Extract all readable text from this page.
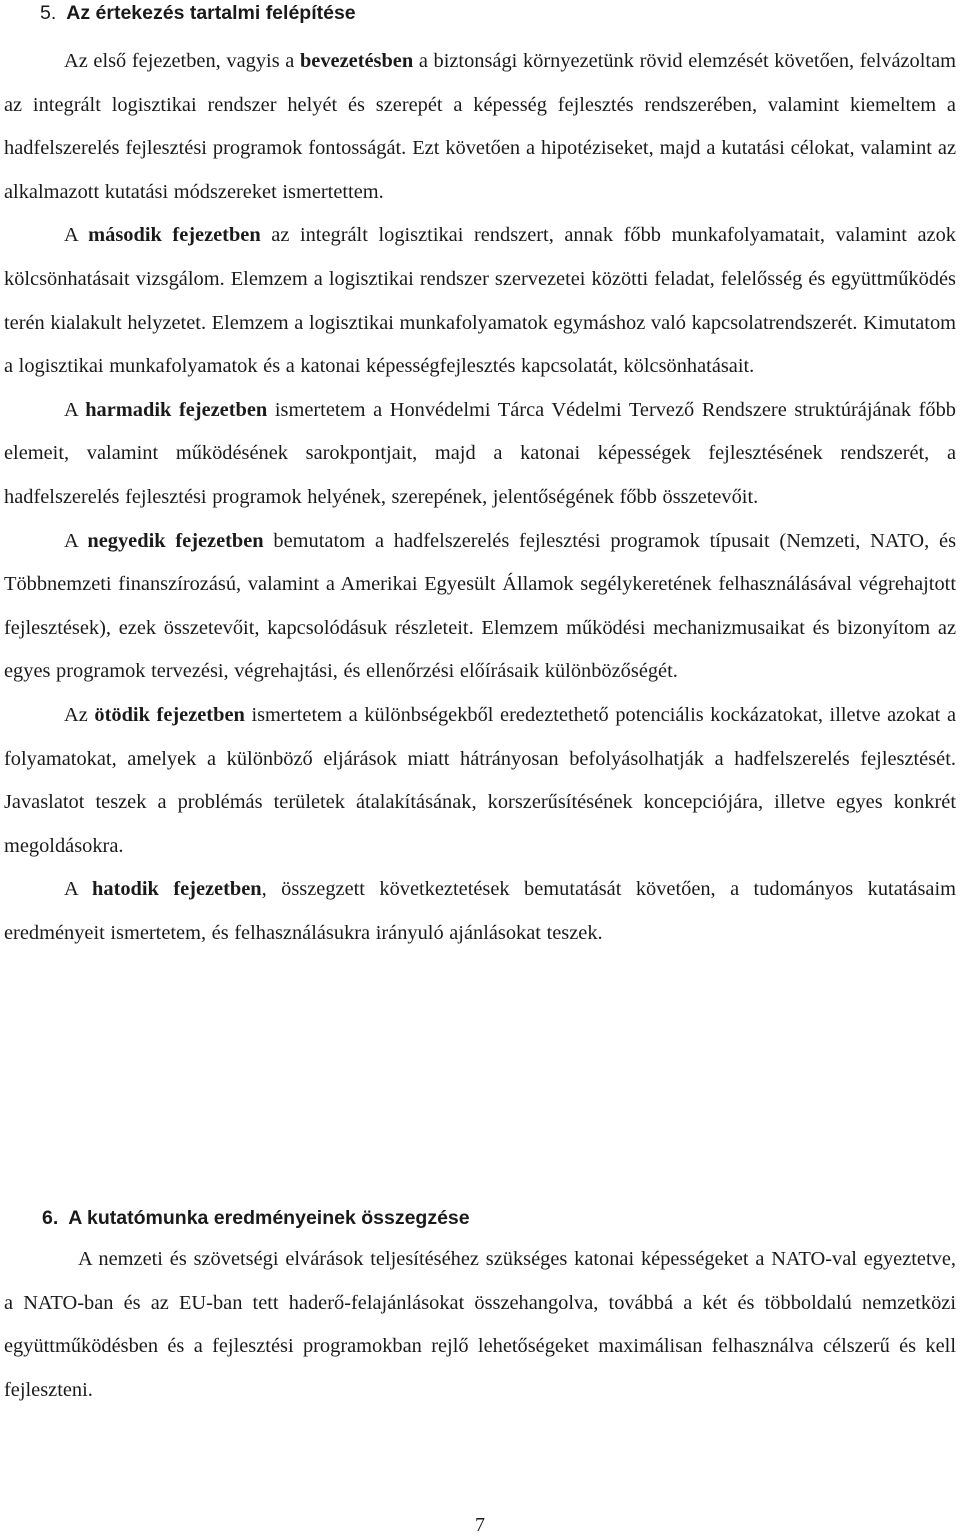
5. Az értekezés tartalmi felépítése

Az első fejezetben, vagyis a bevezetésben a biztonsági környezetünk rövid elemzését követően, felvázoltam az integrált logisztikai rendszer helyét és szerepét a képesség fejlesztés rendszerében, valamint kiemeltem a hadfelszerelés fejlesztési programok fontosságát. Ezt követően a hipotéziseket, majd a kutatási célokat, valamint az alkalmazott kutatási módszereket ismertettem.

A második fejezetben az integrált logisztikai rendszert, annak főbb munkafolyamatait, valamint azok kölcsönhatásait vizsgálom. Elemzem a logisztikai rendszer szervezetei közötti feladat, felelősség és együttműködés terén kialakult helyzetet. Elemzem a logisztikai munkafolyamatok egymáshoz való kapcsolatrendszerét. Kimutatom a logisztikai munkafolyamatok és a katonai képességfejlesztés kapcsolatát, kölcsönhatásait.

A harmadik fejezetben ismertetem a Honvédelmi Tárca Védelmi Tervező Rendszere struktúrájának főbb elemeit, valamint működésének sarokpontjait, majd a katonai képességek fejlesztésének rendszerét, a hadfelszerelés fejlesztési programok helyének, szerepének, jelentőségének főbb összetevőit.

A negyedik fejezetben bemutatom a hadfelszerelés fejlesztési programok típusait (Nemzeti, NATO, és Többnemzeti finanszírozású, valamint a Amerikai Egyesült Államok segélykeretének felhasználásával végrehajtott fejlesztések), ezek összetevőit, kapcsolódásuk részleteit. Elemzem működési mechanizmusaikat és bizonyítom az egyes programok tervezési, végrehajtási, és ellenőrzési előírásaik különbözőségét.

Az ötödik fejezetben ismertetem a különbségekből eredeztethető potenciális kockázatokat, illetve azokat a folyamatokat, amelyek a különböző eljárások miatt hátrányosan befolyásolhatják a hadfelszerelés fejlesztését. Javaslatot teszek a problémás területek átalakításának, korszerűsítésének koncepciójára, illetve egyes konkrét megoldásokra.

A hatodik fejezetben, összegzett következtetések bemutatását követően, a tudományos kutatásaim eredményeit ismertetem, és felhasználásukra irányuló ajánlásokat teszek.

6. A kutatómunka eredményeinek összegzése

A nemzeti és szövetségi elvárások teljesítéséhez szükséges katonai képességeket a NATO-val egyeztetve, a NATO-ban és az EU-ban tett haderő-felajánlásokat összehangolva, továbbá a két és többoldalú nemzetközi együttműködésben és a fejlesztési programokban rejlő lehetőségeket maximálisan felhasználva célszerű és kell fejleszteni.

7
